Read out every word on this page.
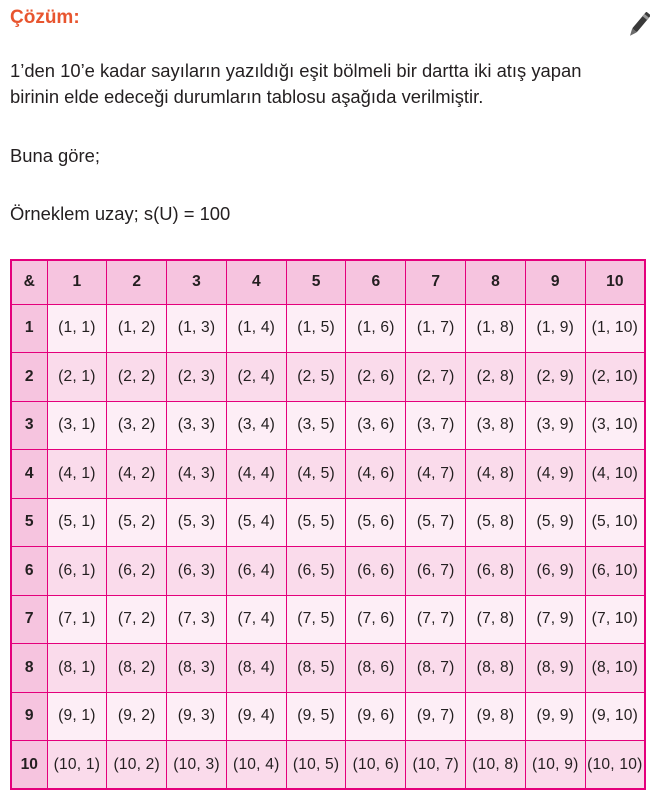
Çözüm:

1’den 10’e kadar sayıların yazıldığı eşit bölmeli bir dartta iki atış yapan
birinin elde edeceği durumların tablosu aşağıda verilmiştir.

Buna göre;

Örneklem uzay; s(U) = 100

&	1	2	3	4	5	6	7	8	9	10
1	(1, 1)	(1, 2)	(1, 3)	(1, 4)	(1, 5)	(1, 6)	(1, 7)	(1, 8)	(1, 9)	(1, 10)
2	(2, 1)	(2, 2)	(2, 3)	(2, 4)	(2, 5)	(2, 6)	(2, 7)	(2, 8)	(2, 9)	(2, 10)
3	(3, 1)	(3, 2)	(3, 3)	(3, 4)	(3, 5)	(3, 6)	(3, 7)	(3, 8)	(3, 9)	(3, 10)
4	(4, 1)	(4, 2)	(4, 3)	(4, 4)	(4, 5)	(4, 6)	(4, 7)	(4, 8)	(4, 9)	(4, 10)
5	(5, 1)	(5, 2)	(5, 3)	(5, 4)	(5, 5)	(5, 6)	(5, 7)	(5, 8)	(5, 9)	(5, 10)
6	(6, 1)	(6, 2)	(6, 3)	(6, 4)	(6, 5)	(6, 6)	(6, 7)	(6, 8)	(6, 9)	(6, 10)
7	(7, 1)	(7, 2)	(7, 3)	(7, 4)	(7, 5)	(7, 6)	(7, 7)	(7, 8)	(7, 9)	(7, 10)
8	(8, 1)	(8, 2)	(8, 3)	(8, 4)	(8, 5)	(8, 6)	(8, 7)	(8, 8)	(8, 9)	(8, 10)
9	(9, 1)	(9, 2)	(9, 3)	(9, 4)	(9, 5)	(9, 6)	(9, 7)	(9, 8)	(9, 9)	(9, 10)
10	(10, 1)	(10, 2)	(10, 3)	(10, 4)	(10, 5)	(10, 6)	(10, 7)	(10, 8)	(10, 9)	(10, 10)
